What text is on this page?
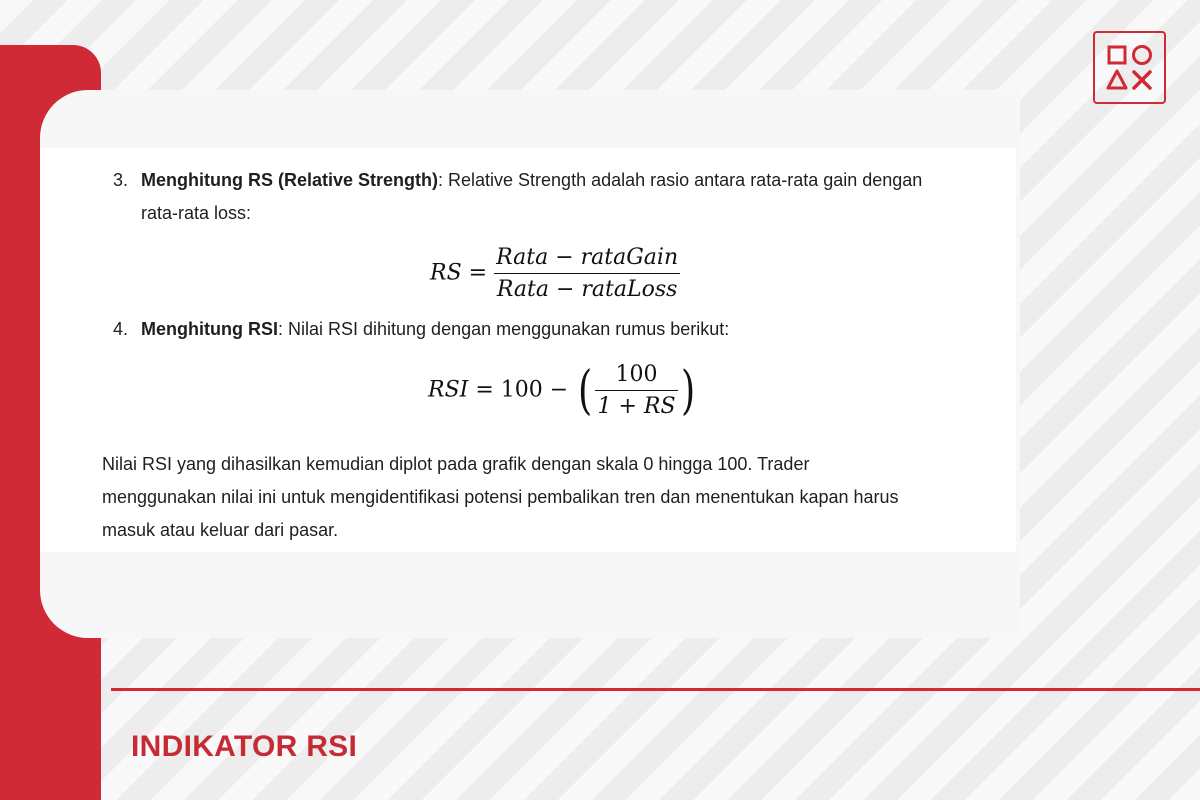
3. Menghitung RS (Relative Strength): Relative Strength adalah rasio antara rata-rata gain dengan
rata-rata loss:
RS = $\frac{\text{Rata − rataGain}}{\text{Rata − rataLoss}}$
4. Menghitung RSI: Nilai RSI dihitung dengan menggunakan rumus berikut:
RSI = 100 − ( $\frac{100}{1 + RS}$ )
Nilai RSI yang dihasilkan kemudian diplot pada grafik dengan skala 0 hingga 100. Trader
menggunakan nilai ini untuk mengidentifikasi potensi pembalikan tren dan menentukan kapan harus
masuk atau keluar dari pasar.
INDIKATOR RSI
